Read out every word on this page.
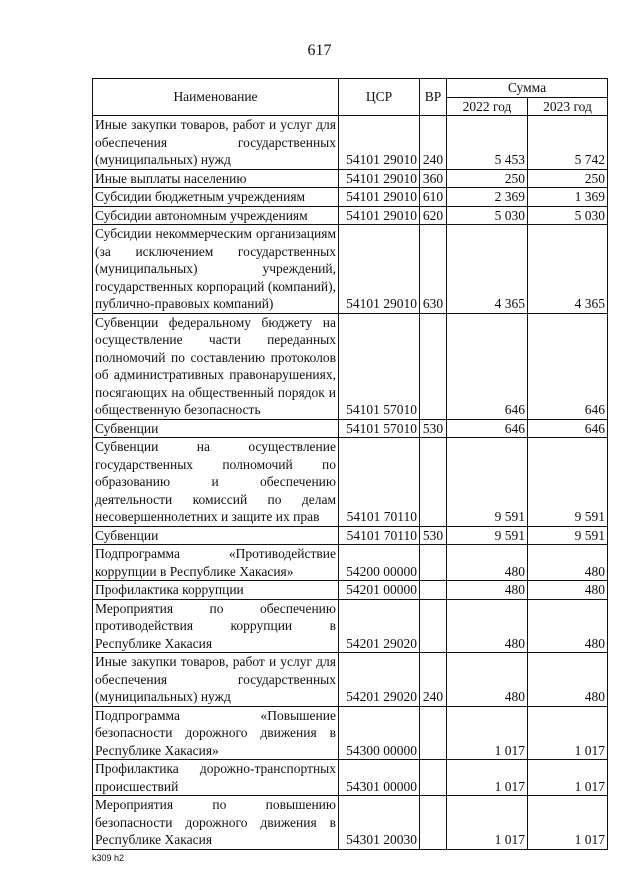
617
Наименование	ЦСР	ВР	Сумма	
			2022 год	2023 год
Иные закупки товаров, работ и услуг для обеспечения государственных (муниципальных) нужд	54101 29010	240	5 453	5 742
Иные выплаты населению	54101 29010	360	250	250
Субсидии бюджетным учреждениям	54101 29010	610	2 369	1 369
Субсидии автономным учреждениям	54101 29010	620	5 030	5 030
Субсидии некоммерческим организациям (за исключением государственных (муниципальных) учреждений, государственных корпораций (компаний), публично-правовых компаний)	54101 29010	630	4 365	4 365
Субвенции федеральному бюджету на осуществление части переданных полномочий по составлению протоколов об административных правонарушениях, посягающих на общественный порядок и общественную безопасность	54101 57010		646	646
Субвенции	54101 57010	530	646	646
Субвенции на осуществление государственных полномочий по образованию и обеспечению деятельности комиссий по делам несовершеннолетних и защите их прав	54101 70110		9 591	9 591
Субвенции	54101 70110	530	9 591	9 591
Подпрограмма «Противодействие коррупции в Республике Хакасия»	54200 00000		480	480
Профилактика коррупции	54201 00000		480	480
Мероприятия по обеспечению противодействия коррупции в Республике Хакасия	54201 29020		480	480
Иные закупки товаров, работ и услуг для обеспечения государственных (муниципальных) нужд	54201 29020	240	480	480
Подпрограмма «Повышение безопасности дорожного движения в Республике Хакасия»	54300 00000		1 017	1 017
Профилактика дорожно-транспортных происшествий	54301 00000		1 017	1 017
Мероприятия по повышению безопасности дорожного движения в Республике Хакасия	54301 20030		1 017	1 017
k309 h2
